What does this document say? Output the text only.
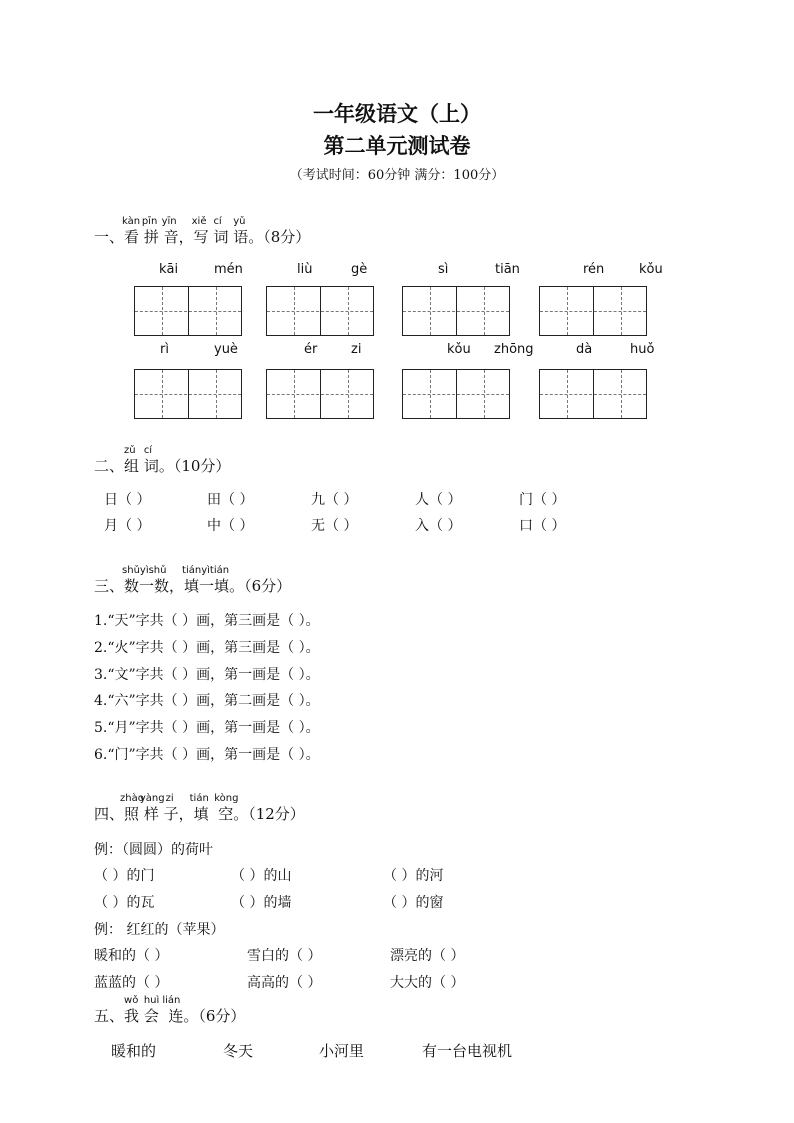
一年级语文（上）
第二单元测试卷
（考试时间：60分钟 满分：100分）
一、
kàn
看
pīn
拼
yīn
音，
xiě
写
cí
词
yǔ
语。（8分）
kāi	mén	liù	gè	sì	tiān	rén	kǒu
rì	yuè	ér	zi	kǒu zhōng	dà	huǒ
二、
zǔ
组
cí
词。（10分）
日（ ）	田（ ）	九（ ）	人（ ）	门（ ）
月（ ）	中（ ）	无（ ）	入（ ）	口（ ）
三、
shǔyìshǔ
数一数，
tiányìtián
填一填。（6分）
1.“天”字共（ ）画，第三画是（ ）。
2.“火”字共（ ）画，第三画是（ ）。
3.“文”字共（ ）画，第一画是（ ）。
4.“六”字共（ ）画，第二画是（ ）。
5.“月”字共（ ）画，第一画是（ ）。
6.“门”字共（ ）画，第一画是（ ）。
四、
zhào
照
yàng
样
zi
子，
tián
填
kòng
空。（12分）
例：（圆圆）的荷叶
（ ）的门	（ ）的山	（ ）的河
（ ）的瓦	（ ）的墙	（ ）的窗
例： 红红的（苹果）
暖和的（ ）	雪白的（ ）	漂亮的（ ）
蓝蓝的（ ）	高高的（ ）	大大的（ ）
五、
wǒ
我
huì
会
lián
连。（6分）
暖和的	冬天	小河里	有一台电视机
